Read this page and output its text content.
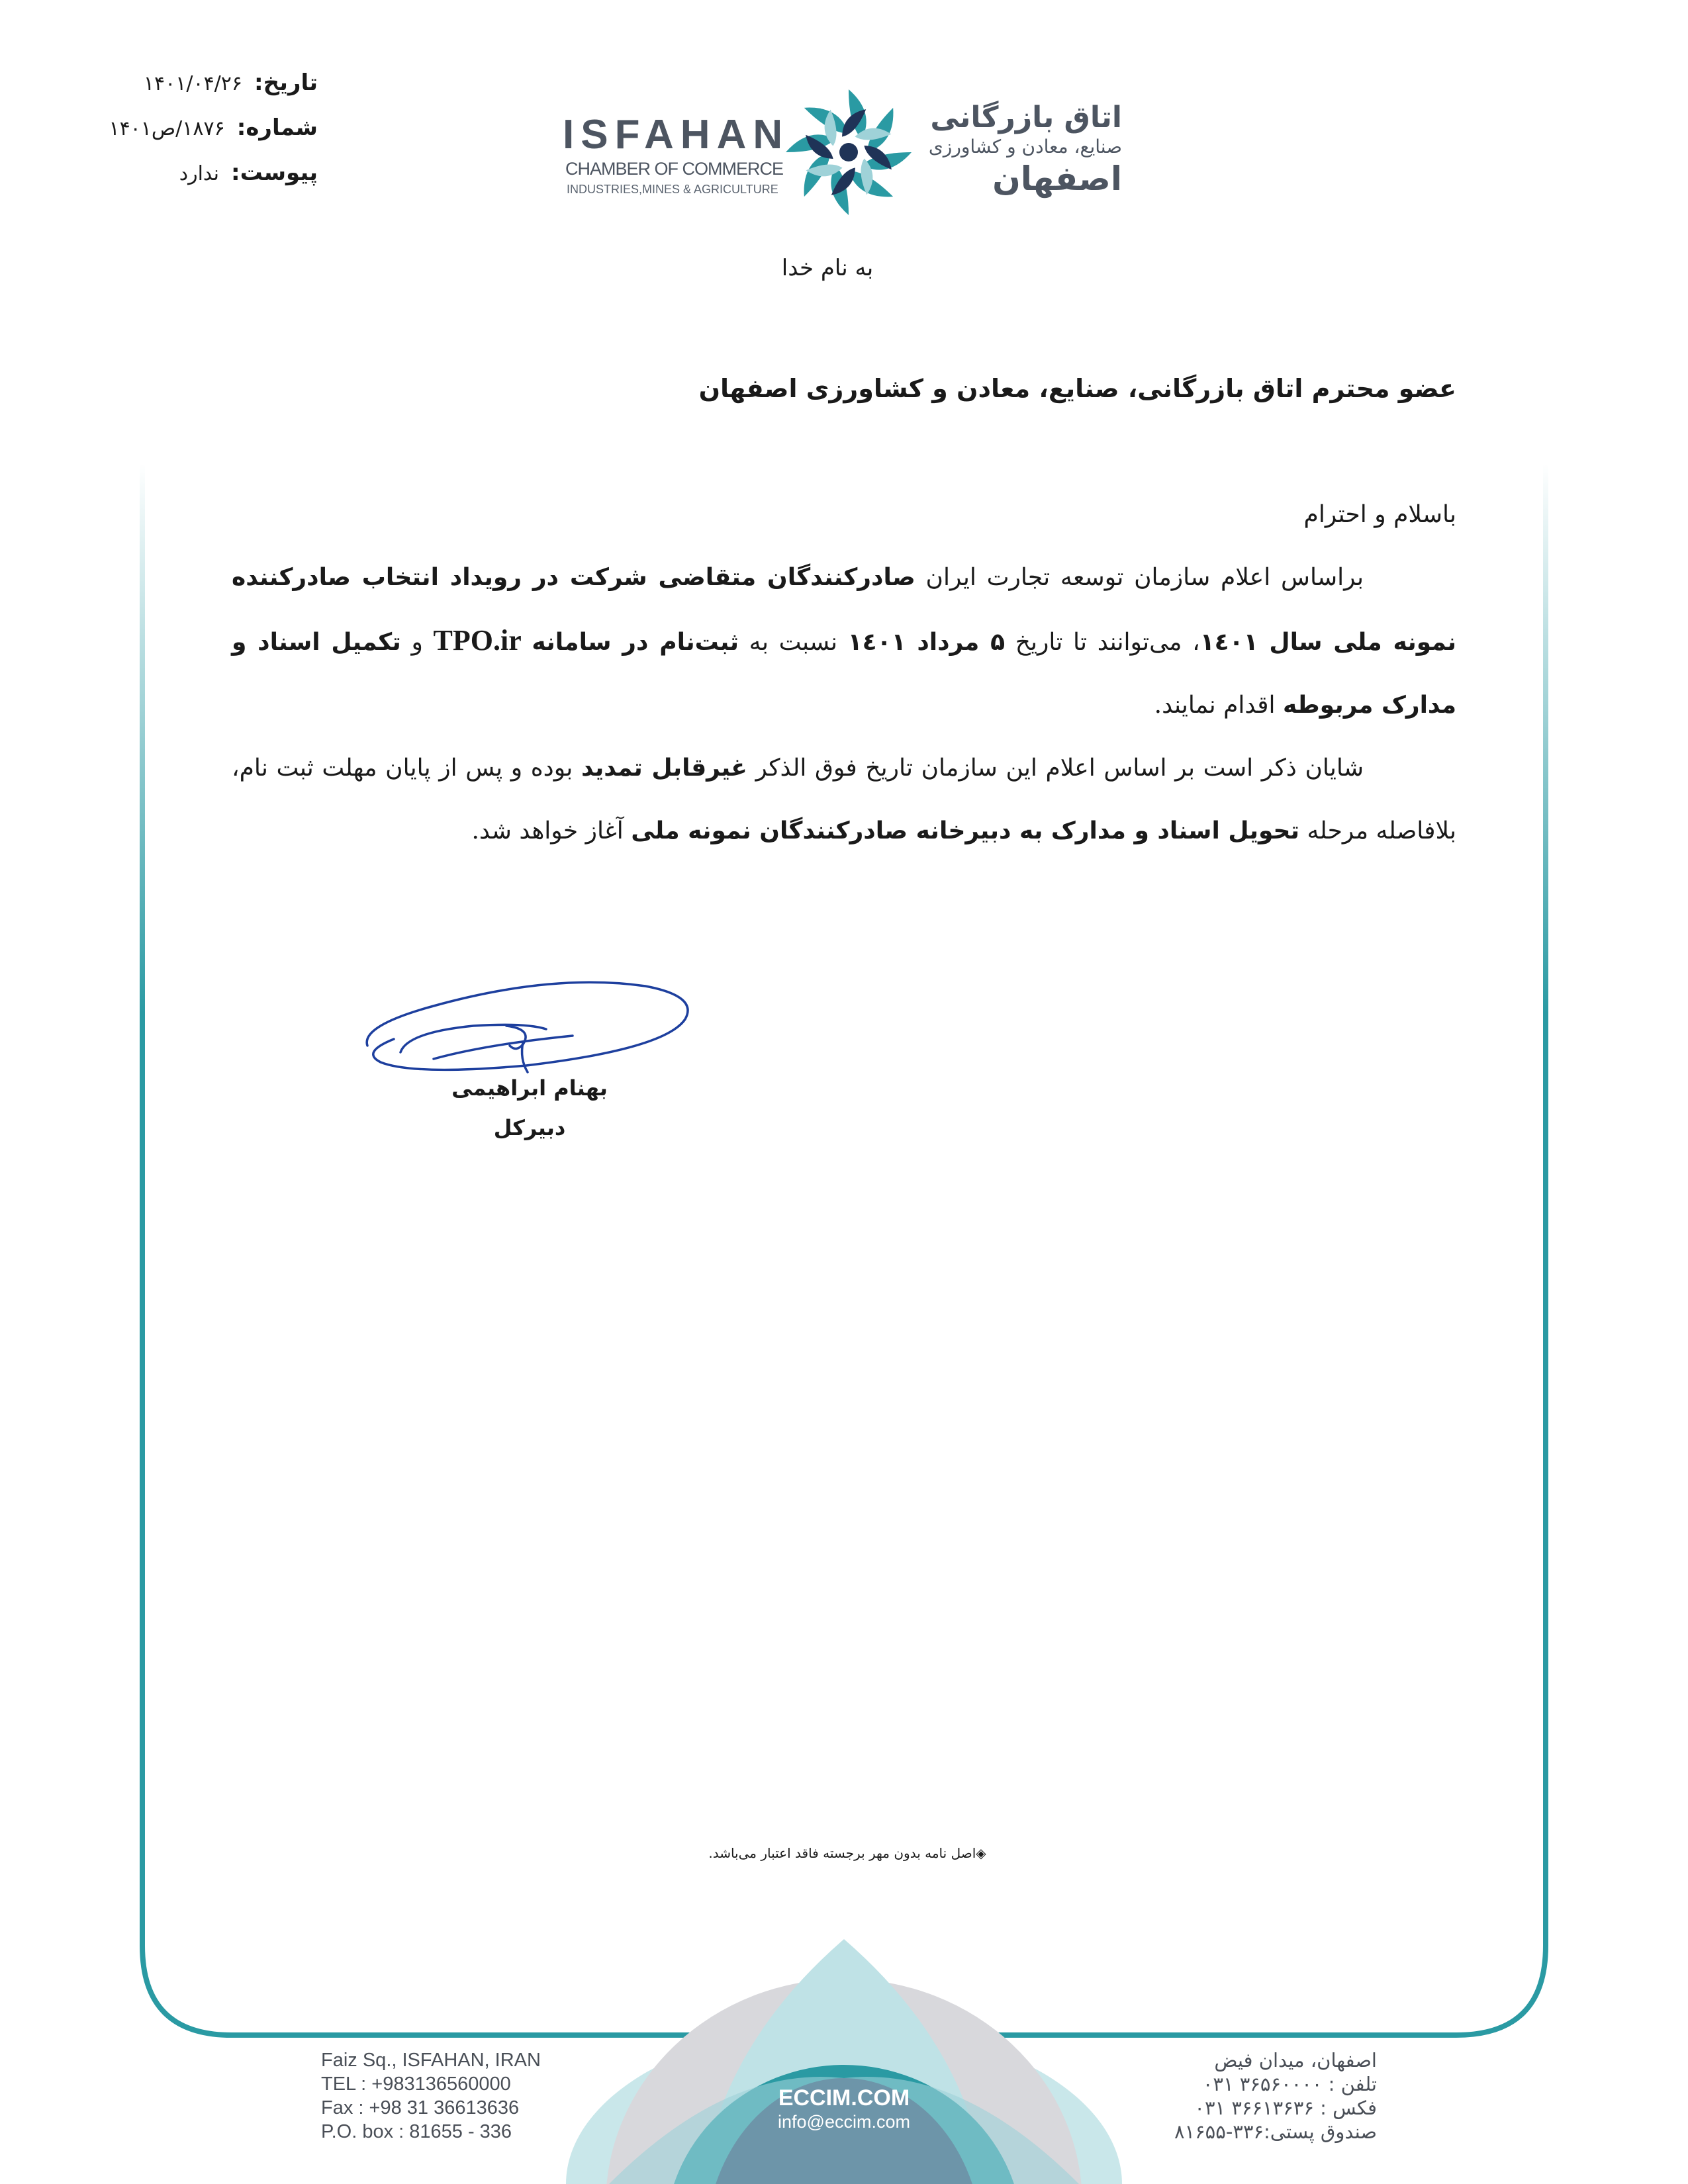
تاریخ:
۱۴۰۱/۰۴/۲۶
شماره:
۱۸۷۶/ص۱۴۰۱
پیوست:
ندارد
ISFAHAN
CHAMBER OF COMMERCE
INDUSTRIES,MINES & AGRICULTURE
اتاق بازرگانی
صنایع، معادن و کشاورزی
اصفهان
به نام خدا
عضو محترم اتاق بازرگانی، صنایع، معادن و کشاورزی اصفهان

باسلام و احترام

براساس اعلام سازمان توسعه تجارت ایران صادرکنندگان متقاضی شرکت در رویداد انتخاب صادرکننده نمونه ملی سال ۱٤۰۱، می‌توانند تا تاریخ ۵ مرداد ۱٤۰۱ نسبت به ثبت‌نام در سامانه TPO.ir و تکمیل اسناد و مدارک مربوطه اقدام نمایند.

شایان ذکر است بر اساس اعلام این سازمان تاریخ فوق الذکر غیرقابل تمدید بوده و پس از پایان مهلت ثبت نام، بلافاصله مرحله تحویل اسناد و مدارک به دبیرخانه صادرکنندگان نمونه ملی آغاز خواهد شد.

بهنام ابراهیمی
دبیرکل
◈اصل نامه بدون مهر برجسته فاقد اعتبار می‌باشد.
Faiz Sq., ISFAHAN, IRAN
TEL : +983136560000
Fax : +98 31 36613636
P.O. box : 81655 - 336
ECCIM.COM
info@eccim.com
اصفهان، میدان فیض
تلفن : ۳۶۵۶۰۰۰۰ ۰۳۱
فکس : ۳۶۶۱۳۶۳۶ ۰۳۱
صندوق پستی:۳۳۶-۸۱۶۵۵
